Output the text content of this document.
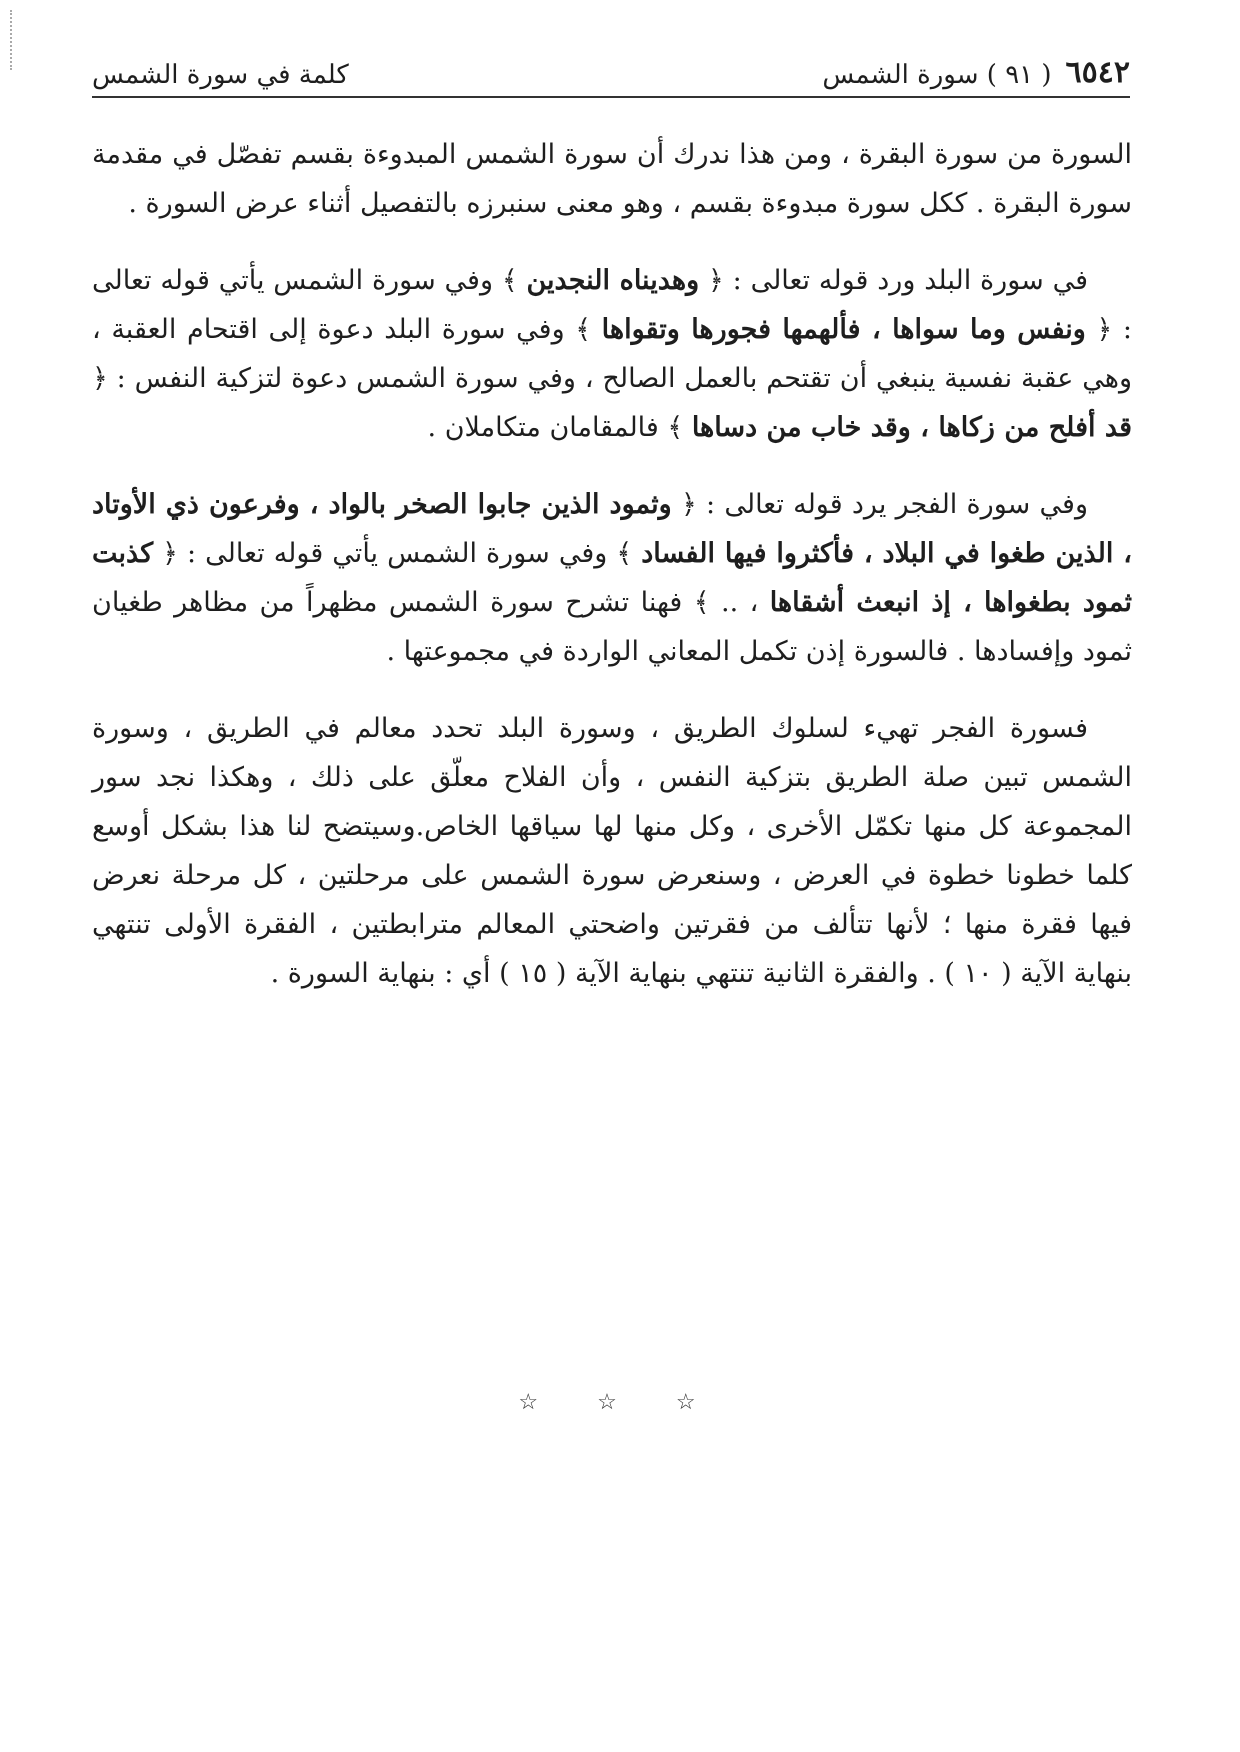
٦٥٤٢
( ٩١ ) سورة الشمس
كلمة في سورة الشمس

السورة من سورة البقرة ، ومن هذا ندرك أن سورة الشمس المبدوءة بقسم تفصّل في مقدمة سورة البقرة . ككل سورة مبدوءة بقسم ، وهو معنى سنبرزه بالتفصيل أثناء عرض السورة .

في سورة البلد ورد قوله تعالى : ﴿ وهديناه النجدين ﴾ وفي سورة الشمس يأتي قوله تعالى : ﴿ ونفس وما سواها ، فألهمها فجورها وتقواها ﴾ وفي سورة البلد دعوة إلى اقتحام العقبة ، وهي عقبة نفسية ينبغي أن تقتحم بالعمل الصالح ، وفي سورة الشمس دعوة لتزكية النفس : ﴿ قد أفلح من زكاها ، وقد خاب من دساها ﴾ فالمقامان متكاملان .

وفي سورة الفجر يرد قوله تعالى : ﴿ وثمود الذين جابوا الصخر بالواد ، وفرعون ذي الأوتاد ، الذين طغوا في البلاد ، فأكثروا فيها الفساد ﴾ وفي سورة الشمس يأتي قوله تعالى : ﴿ كذبت ثمود بطغواها ، إذ انبعث أشقاها ، .. ﴾ فهنا تشرح سورة الشمس مظهراً من مظاهر طغيان ثمود وإفسادها . فالسورة إذن تكمل المعاني الواردة في مجموعتها .

فسورة الفجر تهيء لسلوك الطريق ، وسورة البلد تحدد معالم في الطريق ، وسورة الشمس تبين صلة الطريق بتزكية النفس ، وأن الفلاح معلّق على ذلك ، وهكذا نجد سور المجموعة كل منها تكمّل الأخرى ، وكل منها لها سياقها الخاص.وسيتضح لنا هذا بشكل أوسع كلما خطونا خطوة في العرض ، وسنعرض سورة الشمس على مرحلتين ، كل مرحلة نعرض فيها فقرة منها ؛ لأنها تتألف من فقرتين واضحتي المعالم مترابطتين ، الفقرة الأولى تنتهي بنهاية الآية ( ١٠ ) . والفقرة الثانية تنتهي بنهاية الآية ( ١٥ ) أي : بنهاية السورة .

☆ ☆ ☆
